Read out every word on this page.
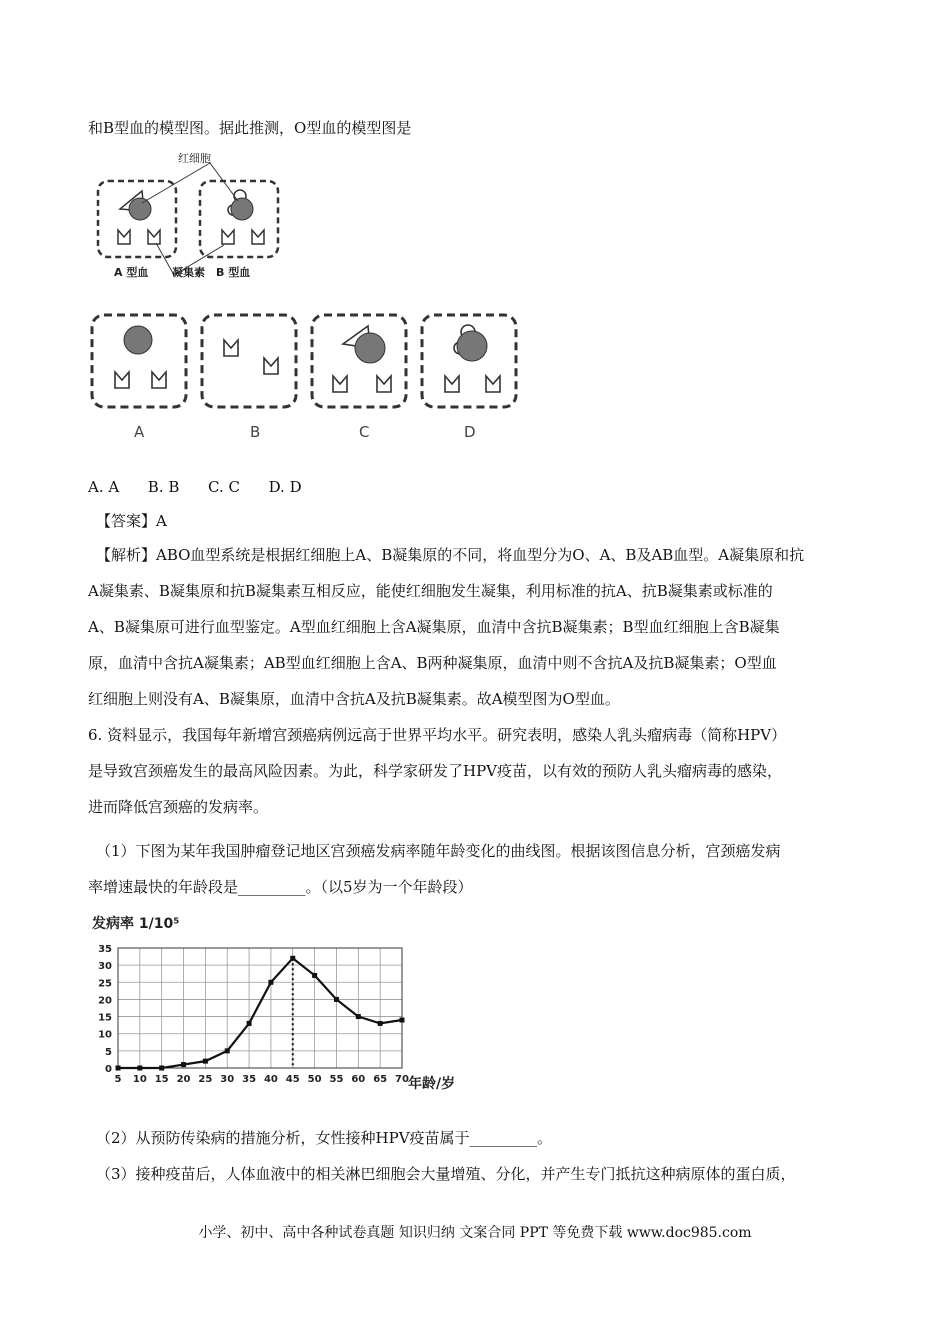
和B型血的模型图。据此推测，O型血的模型图是
红细胞
凝集素
A 型血	B 型血
A	B	C	D
A. A      B. B      C. C      D. D
【答案】A
【解析】ABO血型系统是根据红细胞上A、B凝集原的不同，将血型分为O、A、B及AB血型。A凝集原和抗
A凝集素、B凝集原和抗B凝集素互相反应，能使红细胞发生凝集，利用标准的抗A、抗B凝集素或标准的
A、B凝集原可进行血型鉴定。A型血红细胞上含A凝集原，血清中含抗B凝集素；B型血红细胞上含B凝集
原，血清中含抗A凝集素；AB型血红细胞上含A、B两种凝集原，血清中则不含抗A及抗B凝集素；O型血
红细胞上则没有A、B凝集原，血清中含抗A及抗B凝集素。故A模型图为O型血。
6. 资料显示，我国每年新增宫颈癌病例远高于世界平均水平。研究表明，感染人乳头瘤病毒（简称HPV）
是导致宫颈癌发生的最高风险因素。为此，科学家研发了HPV疫苗，以有效的预防人乳头瘤病毒的感染，
进而降低宫颈癌的发病率。
（1）下图为某年我国肿瘤登记地区宫颈癌发病率随年龄变化的曲线图。根据该图信息分析，宫颈癌发病
率增速最快的年龄段是_________。（以5岁为一个年龄段）
发病率 1/10⁵
0
5
10
15
20
25
30
35
5 10 15 20 25 30 35 40 45 50 55 60 65 70 年龄/岁
（2）从预防传染病的措施分析，女性接种HPV疫苗属于_________。
（3）接种疫苗后，人体血液中的相关淋巴细胞会大量增殖、分化，并产生专门抵抗这种病原体的蛋白质，
小学、初中、高中各种试卷真题 知识归纳 文案合同 PPT 等免费下载 www.doc985.com
